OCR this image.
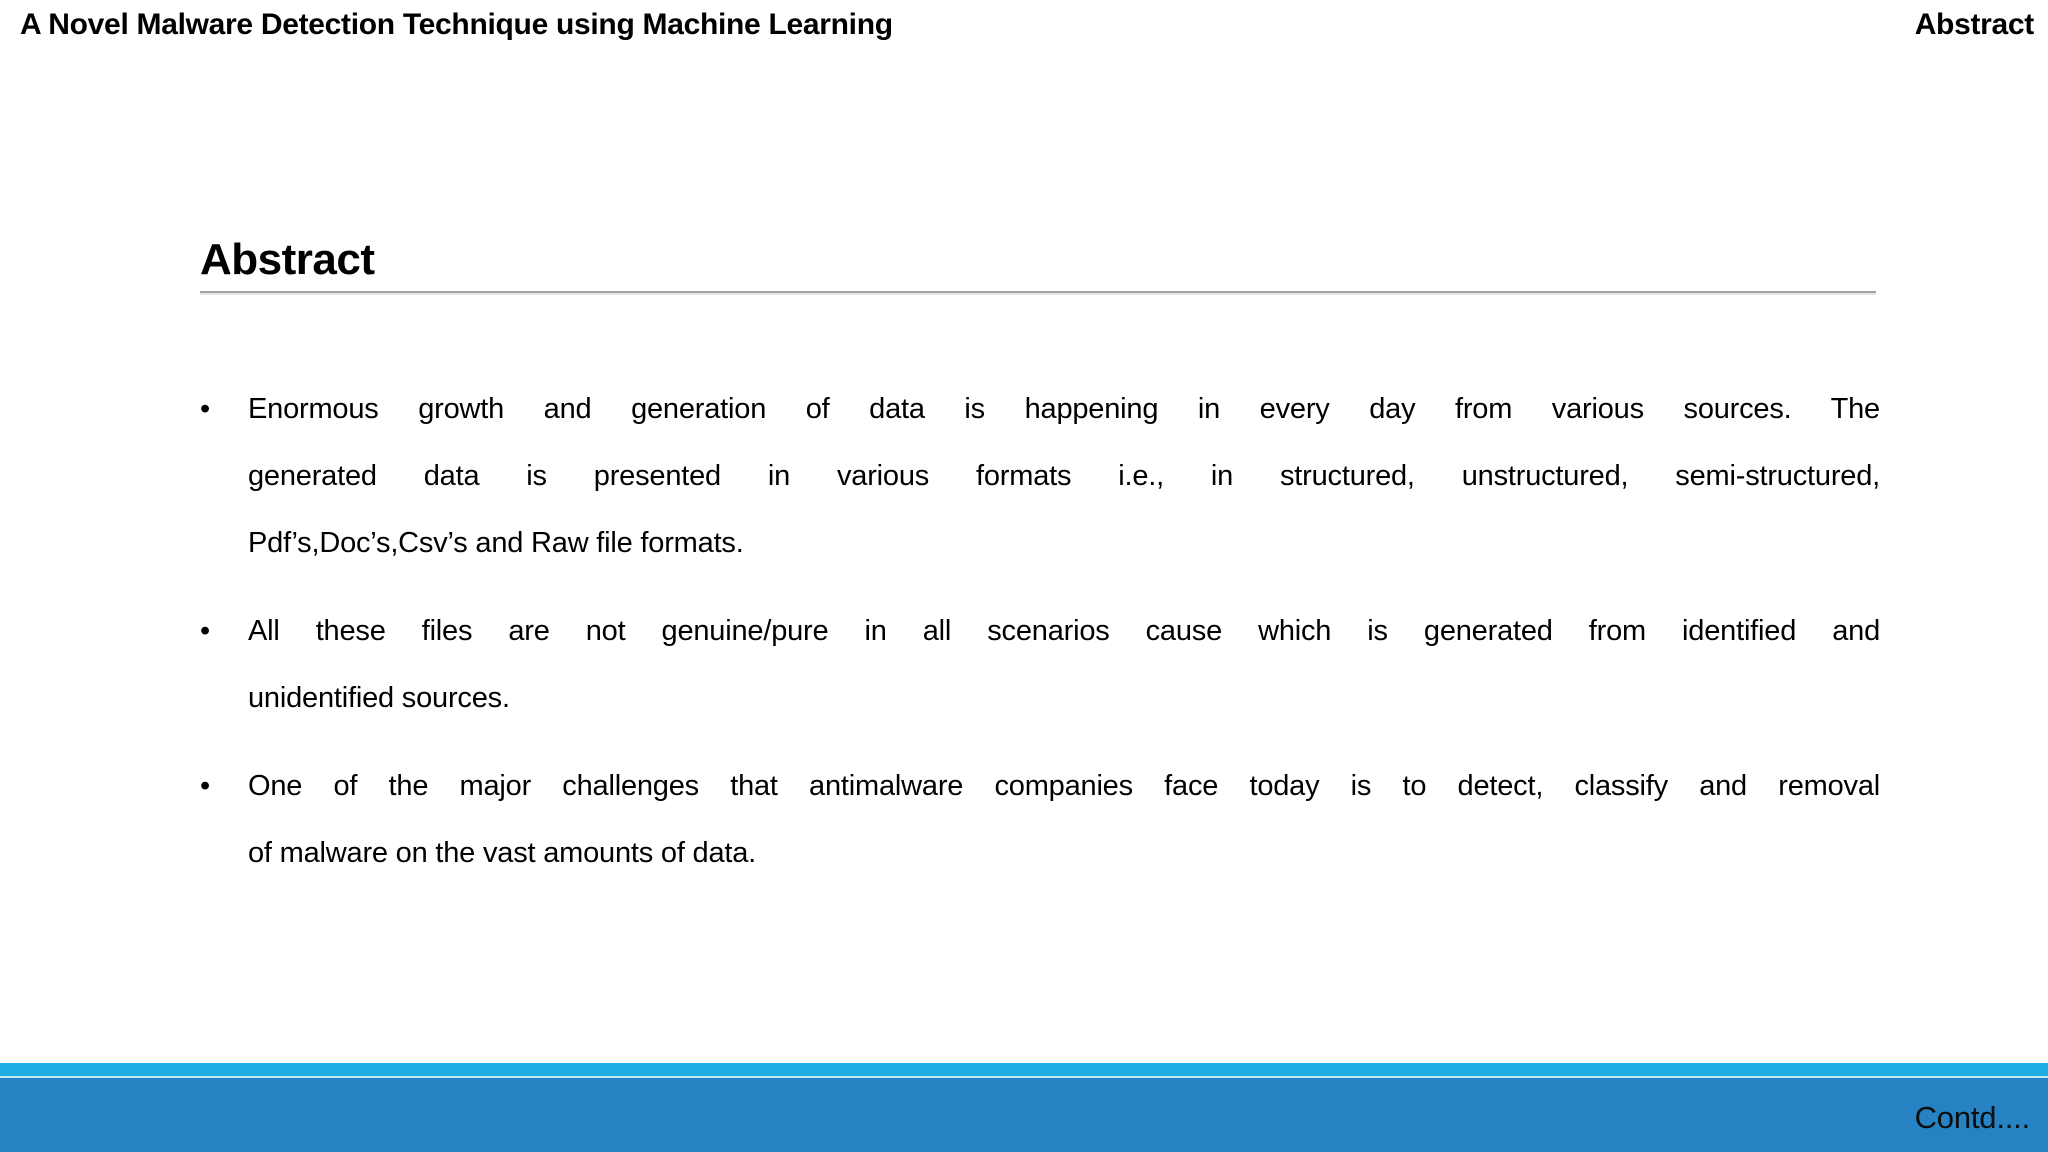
A Novel Malware Detection Technique using Machine Learning	Abstract
Abstract
•	Enormous growth and generation of data is happening in every day from various sources. The
generated data is presented in various formats i.e., in structured, unstructured, semi-structured,
Pdf’s,Doc’s,Csv’s and Raw file formats.
•	All these files are not genuine/pure in all scenarios cause which is generated from identified and
unidentified sources.
•	One of the major challenges that antimalware companies face today is to detect, classify and removal
of malware on the vast amounts of data.
Contd....
